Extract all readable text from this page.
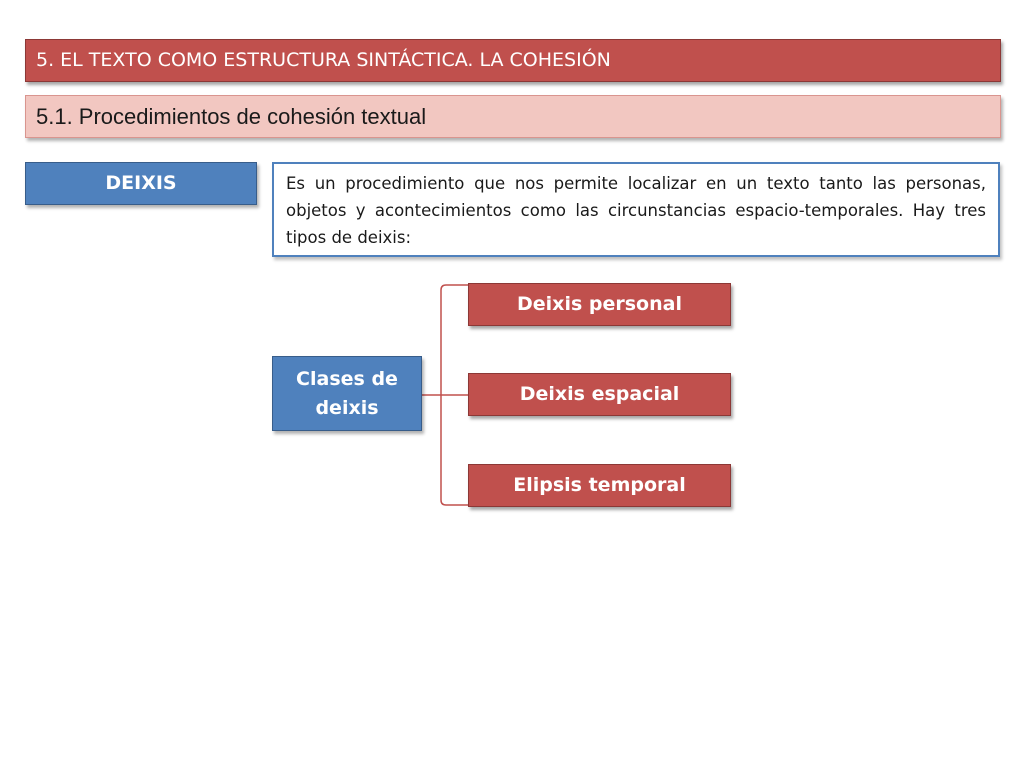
5. EL TEXTO COMO ESTRUCTURA SINTÁCTICA. LA COHESIÓN
5.1. Procedimientos de cohesión textual
DEIXIS	Es un procedimiento que nos permite localizar en un texto tanto las personas, objetos y acontecimientos como las circunstancias espacio-temporales. Hay tres tipos de deixis:
Clases de deixis
Deixis personal
Deixis espacial
Elipsis temporal
